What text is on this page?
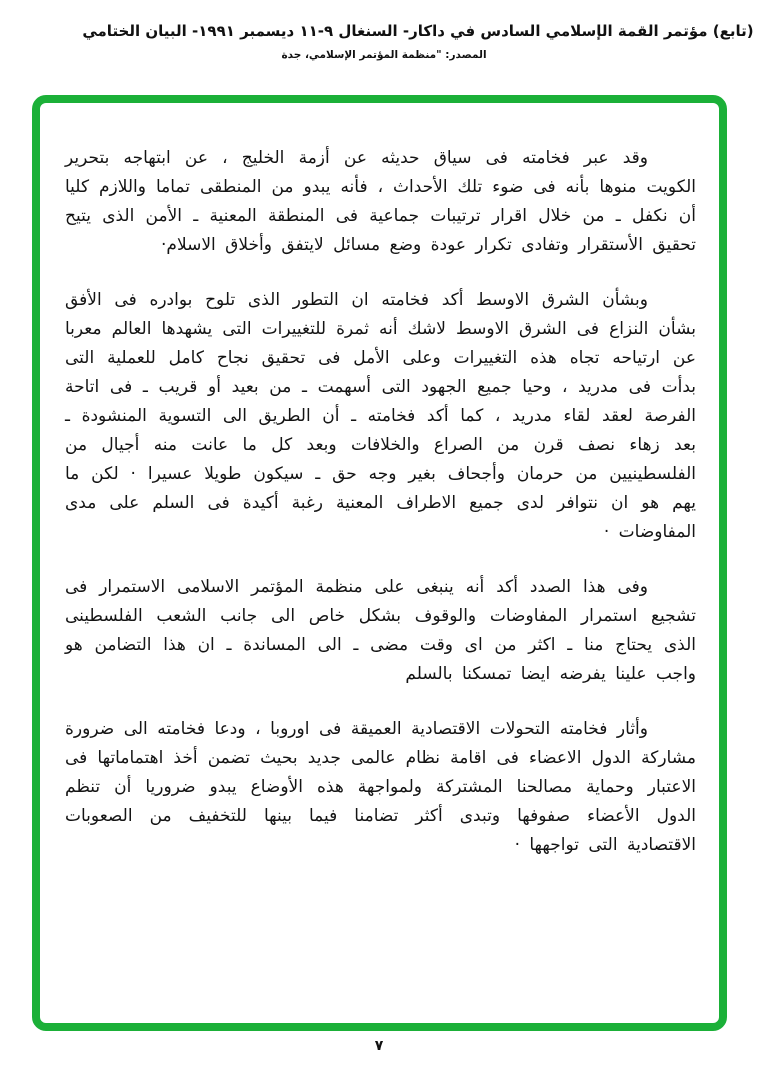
(تابع) مؤتمر القمة الإسلامي السادس في داكار- السنغال ٩-١١ ديسمبر ١٩٩١- البيان الختامي
المصدر: "منظمة المؤتمر الإسلامي، جدة

وقد عبر فخامته فى سياق حديثه عن أزمة الخليج ، عن ابتهاجه بتحرير الكويت منوها بأنه فى ضوء تلك الأحداث ، فأنه يبدو من المنطقى تماما واللازم كليا أن نكفل ـ من خلال اقرار ترتيبات جماعية فى المنطقة المعنية ـ الأمن الذى يتيح تحقيق الأستقرار وتفادى تكرار عودة وضع مسائل لايتفق وأخلاق الاسلام·

وبشأن الشرق الاوسط أكد فخامته ان التطور الذى تلوح بوادره فى الأفق بشأن النزاع فى الشرق الاوسط لاشك أنه ثمرة للتغييرات التى يشهدها العالم معربا عن ارتياحه تجاه هذه التغييرات وعلى الأمل فى تحقيق نجاح كامل للعملية التى بدأت فى مدريد ، وحيا جميع الجهود التى أسهمت ـ من بعيد أو قريب ـ فى اتاحة الفرصة لعقد لقاء مدريد ، كما أكد فخامته ـ أن الطريق الى التسوية المنشودة ـ بعد زهاء نصف قرن من الصراع والخلافات وبعد كل ما عانت منه أجيال من الفلسطينيين من حرمان وأجحاف بغير وجه حق ـ سيكون طويلا عسيرا · لكن ما يهم هو ان نتوافر لدى جميع الاطراف المعنية رغبة أكيدة فى السلم على مدى المفاوضات ·

وفى هذا الصدد أكد أنه ينبغى على منظمة المؤتمر الاسلامى الاستمرار فى تشجيع استمرار المفاوضات والوقوف بشكل خاص الى جانب الشعب الفلسطينى الذى يحتاج منا ـ اكثر من اى وقت مضى ـ الى المساندة ـ ان هذا التضامن هو واجب علينا يفرضه ايضا تمسكنا بالسلم

وأثار فخامته التحولات الاقتصادية العميقة فى اوروبا ، ودعا فخامته الى ضرورة مشاركة الدول الاعضاء فى اقامة نظام عالمى جديد بحيث تضمن أخذ اهتماماتها فى الاعتبار وحماية مصالحنا المشتركة ولمواجهة هذه الأوضاع يبدو ضروريا أن تنظم الدول الأعضاء صفوفها وتبدى أكثر تضامنا فيما بينها للتخفيف من الصعوبات الاقتصادية التى تواجهها ·

٧
